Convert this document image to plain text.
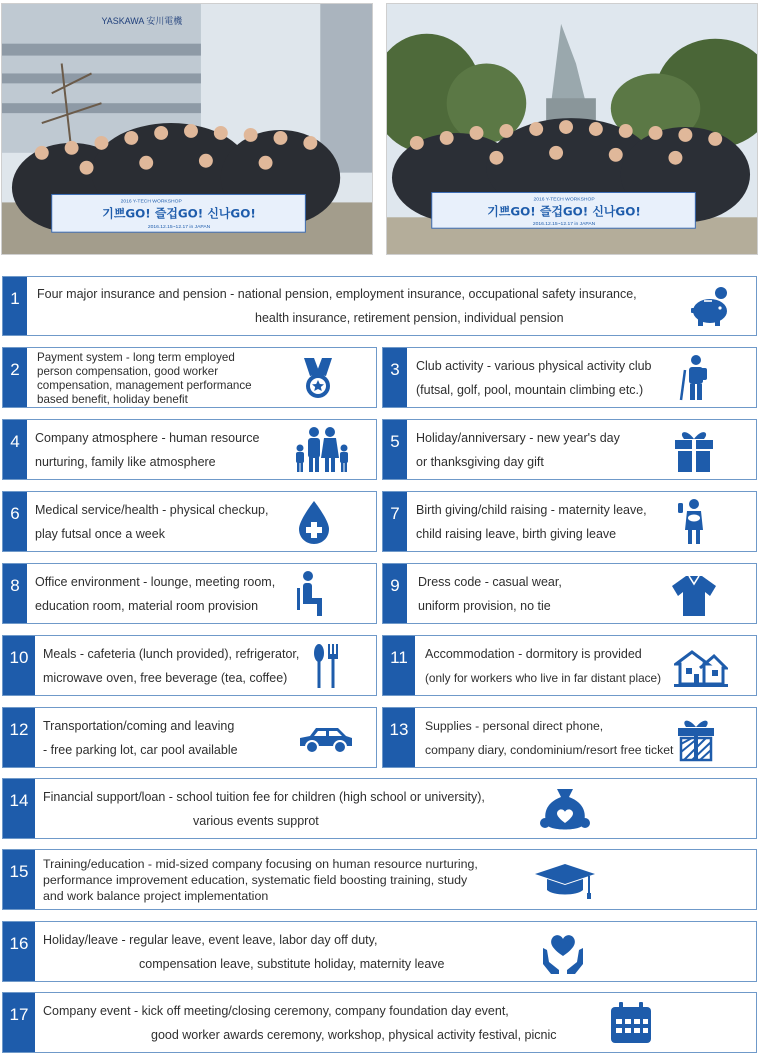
YASKAWA 安川電機
2016 Y-TECH WORKSHOP
기쁘GO! 즐겁GO! 신나GO!
2016.12.15~12.17 in JAPAN
2016 Y-TECH WORKSHOP
기쁘GO! 즐겁GO! 신나GO!
2016.12.15~12.17 in JAPAN
1	Four major insurance and pension - national pension, employment insurance, occupational safety insurance,
health insurance, retirement pension, individual pension
2
Payment system - long term employed
person compensation, good worker
compensation, management performance
based benefit, holiday benefit
3	Club activity - various physical activity club
(futsal, golf, pool, mountain climbing etc.)
4	Company atmosphere - human resource
nurturing, family like atmosphere
5	Holiday/anniversary - new year's day
or thanksgiving day gift
6	Medical service/health - physical checkup,
play futsal once a week
7	Birth giving/child raising - maternity leave,
child raising leave, birth giving leave
8	Office environment - lounge, meeting room,
education room, material room provision
9	Dress code - casual wear,
uniform provision, no tie
10	Meals - cafeteria (lunch provided), refrigerator,
microwave oven, free beverage (tea, coffee)
11	Accommodation - dormitory is provided
(only for workers who live in far distant place)
12	Transportation/coming and leaving
- free parking lot, car pool available
13	Supplies - personal direct phone,
company diary, condominium/resort free ticket
14	Financial support/loan - school tuition fee for children (high school or university),
various events supprot
15	Training/education - mid-sized company focusing on human resource nurturing,
performance improvement education, systematic field boosting training, study
and work balance project implementation
16	Holiday/leave - regular leave, event leave, labor day off duty,
compensation leave, substitute holiday, maternity leave
17	Company event - kick off meeting/closing ceremony, company foundation day event,
good worker awards ceremony, workshop, physical activity festival, picnic
